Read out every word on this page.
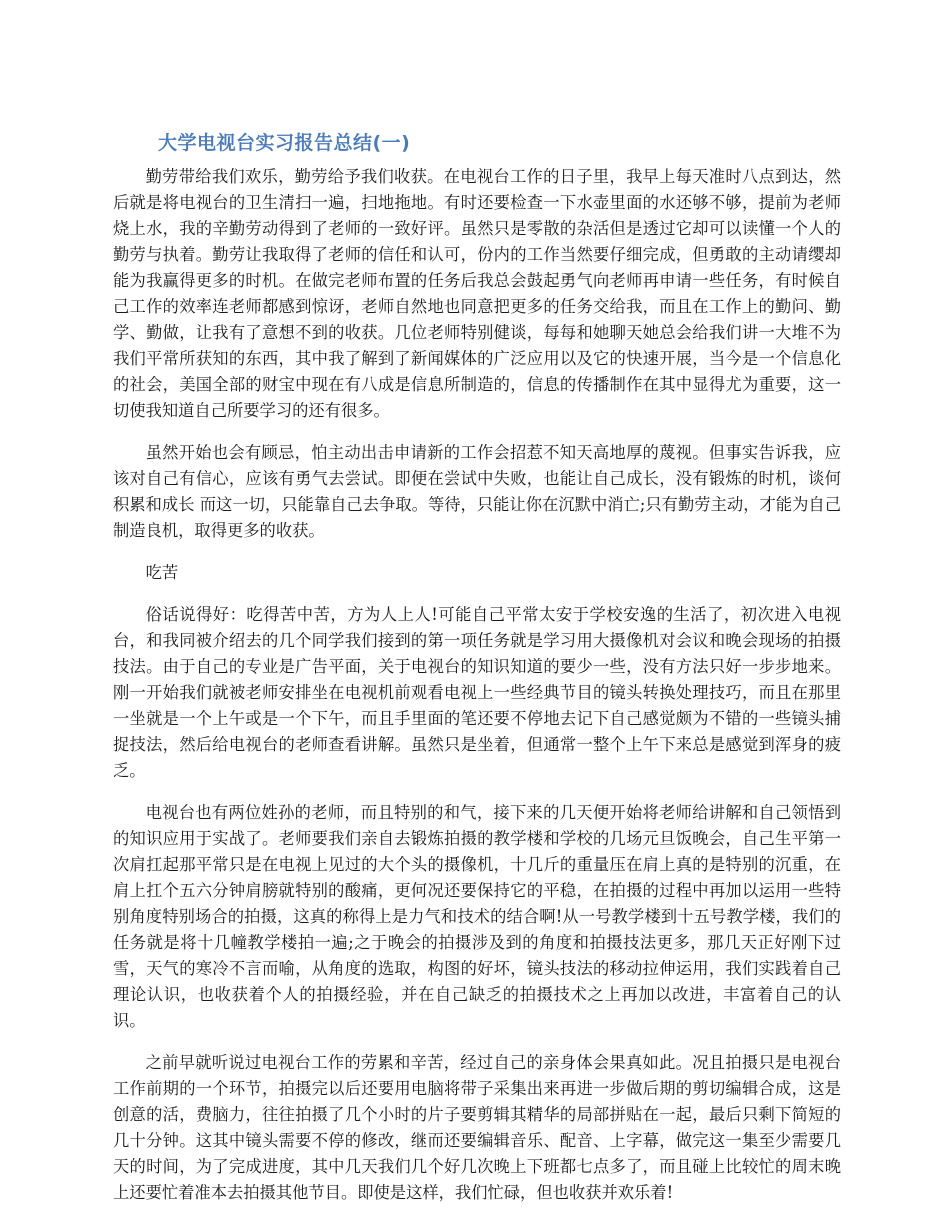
大学电视台实习报告总结(一)

勤劳带给我们欢乐，勤劳给予我们收获。在电视台工作的日子里，我早上每天准时八点到达，然后就是将电视台的卫生清扫一遍，扫地拖地。有时还要检查一下水壶里面的水还够不够，提前为老师烧上水，我的辛勤劳动得到了老师的一致好评。虽然只是零散的杂活但是透过它却可以读懂一个人的勤劳与执着。勤劳让我取得了老师的信任和认可，份内的工作当然要仔细完成，但勇敢的主动请缨却能为我赢得更多的时机。在做完老师布置的任务后我总会鼓起勇气向老师再申请一些任务，有时候自己工作的效率连老师都感到惊讶，老师自然地也同意把更多的任务交给我，而且在工作上的勤问、勤学、勤做，让我有了意想不到的收获。几位老师特别健谈，每每和她聊天她总会给我们讲一大堆不为我们平常所获知的东西，其中我了解到了新闻媒体的广泛应用以及它的快速开展，当今是一个信息化的社会，美国全部的财宝中现在有八成是信息所制造的，信息的传播制作在其中显得尤为重要，这一切使我知道自己所要学习的还有很多。

虽然开始也会有顾忌，怕主动出击申请新的工作会招惹不知天高地厚的蔑视。但事实告诉我，应该对自己有信心，应该有勇气去尝试。即便在尝试中失败，也能让自己成长，没有锻炼的时机，谈何积累和成长 而这一切，只能靠自己去争取。等待，只能让你在沉默中消亡;只有勤劳主动，才能为自己制造良机，取得更多的收获。

吃苦

俗话说得好：吃得苦中苦，方为人上人!可能自己平常太安于学校安逸的生活了，初次进入电视台，和我同被介绍去的几个同学我们接到的第一项任务就是学习用大摄像机对会议和晚会现场的拍摄技法。由于自己的专业是广告平面，关于电视台的知识知道的要少一些，没有方法只好一步步地来。刚一开始我们就被老师安排坐在电视机前观看电视上一些经典节目的镜头转换处理技巧，而且在那里一坐就是一个上午或是一个下午，而且手里面的笔还要不停地去记下自己感觉颇为不错的一些镜头捕捉技法，然后给电视台的老师查看讲解。虽然只是坐着，但通常一整个上午下来总是感觉到浑身的疲乏。

电视台也有两位姓孙的老师，而且特别的和气，接下来的几天便开始将老师给讲解和自己领悟到的知识应用于实战了。老师要我们亲自去锻炼拍摄的教学楼和学校的几场元旦饭晚会，自己生平第一次肩扛起那平常只是在电视上见过的大个头的摄像机，十几斤的重量压在肩上真的是特别的沉重，在肩上扛个五六分钟肩膀就特别的酸痛，更何况还要保持它的平稳，在拍摄的过程中再加以运用一些特别角度特别场合的拍摄，这真的称得上是力气和技术的结合啊!从一号教学楼到十五号教学楼，我们的任务就是将十几幢教学楼拍一遍;之于晚会的拍摄涉及到的角度和拍摄技法更多，那几天正好刚下过雪，天气的寒冷不言而喻，从角度的选取，构图的好坏，镜头技法的移动拉伸运用，我们实践着自己理论认识，也收获着个人的拍摄经验，并在自己缺乏的拍摄技术之上再加以改进，丰富着自己的认识。

之前早就听说过电视台工作的劳累和辛苦，经过自己的亲身体会果真如此。况且拍摄只是电视台工作前期的一个环节，拍摄完以后还要用电脑将带子采集出来再进一步做后期的剪切编辑合成，这是创意的活，费脑力，往往拍摄了几个小时的片子要剪辑其精华的局部拼贴在一起，最后只剩下简短的几十分钟。这其中镜头需要不停的修改，继而还要编辑音乐、配音、上字幕，做完这一集至少需要几天的时间，为了完成进度，其中几天我们几个好几次晚上下班都七点多了，而且碰上比较忙的周末晚上还要忙着准本去拍摄其他节目。即使是这样，我们忙碌，但也收获并欢乐着!
